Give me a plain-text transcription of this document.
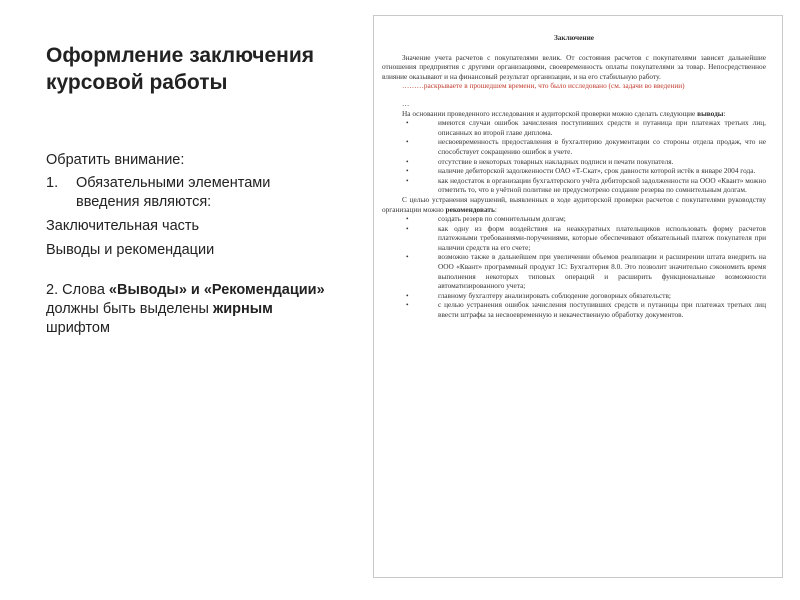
Оформление заключения курсовой работы

Обратить внимание:

1.	Обязательными элементами введения являются:

Заключительная часть

Выводы и рекомендации

2. Слова «Выводы» и «Рекомендации» должны быть выделены жирным шрифтом

Заключение

Значение учета расчетов с покупателями велик. От состояния расчетов с покупателями зависят дальнейшие отношения предприятия с другими организациями, своевременность оплаты покупателями за товар. Непосредственное влияние оказывают и на финансовый результат организации, и на его стабильную работу.

………раскрываете в прошедшем времени, что было исследовано (см. задачи во введении)

…

На основании проведенного исследования и аудиторской проверки можно сделать следующие выводы:

•	имеются случаи ошибок зачисления поступивших средств и путаница при платежах третьих лиц, описанных во второй главе диплома.
•	несвоевременность предоставления в бухгалтерию документации со стороны отдела продаж, что не способствует сокращению ошибок в учете.
•	отсутствие в некоторых товарных накладных подписи и печати покупателя.
•	наличие дебиторской задолженности ОАО «Т-Скат», срок давности которой истёк в январе 2004 года.
•	как недостаток в организации бухгалтерского учёта дебиторской задолженности на ООО «Квант» можно отметить то, что в учётной политике не предусмотрено создание резерва по сомнительным долгам.

С целью устранения нарушений, выявленных в ходе аудиторской проверки расчетов с покупателями руководству организации можно рекомендовать:

•	создать резерв по сомнительным долгам;
•	как одну из форм воздействия на неаккуратных плательщиков использовать форму расчетов платежными требованиями-поручениями, которые обеспечивают обязательный платеж покупателя при наличии средств на его счете;
•	возможно также в дальнейшем при увеличении объемов реализации и расширении штата внедрить на ООО «Квант» программный продукт 1С: Бухгалтерия 8.0. Это позволит значительно сэкономить время выполнения некоторых типовых операций и расширить функциональные возможности автоматизированного учета;
•	главному бухгалтеру анализировать соблюдение договорных обязательств;
•	с целью устранения ошибок зачисления поступивших средств и путаницы при платежах третьих лиц ввести штрафы за несвоевременную и некачественную обработку документов.
